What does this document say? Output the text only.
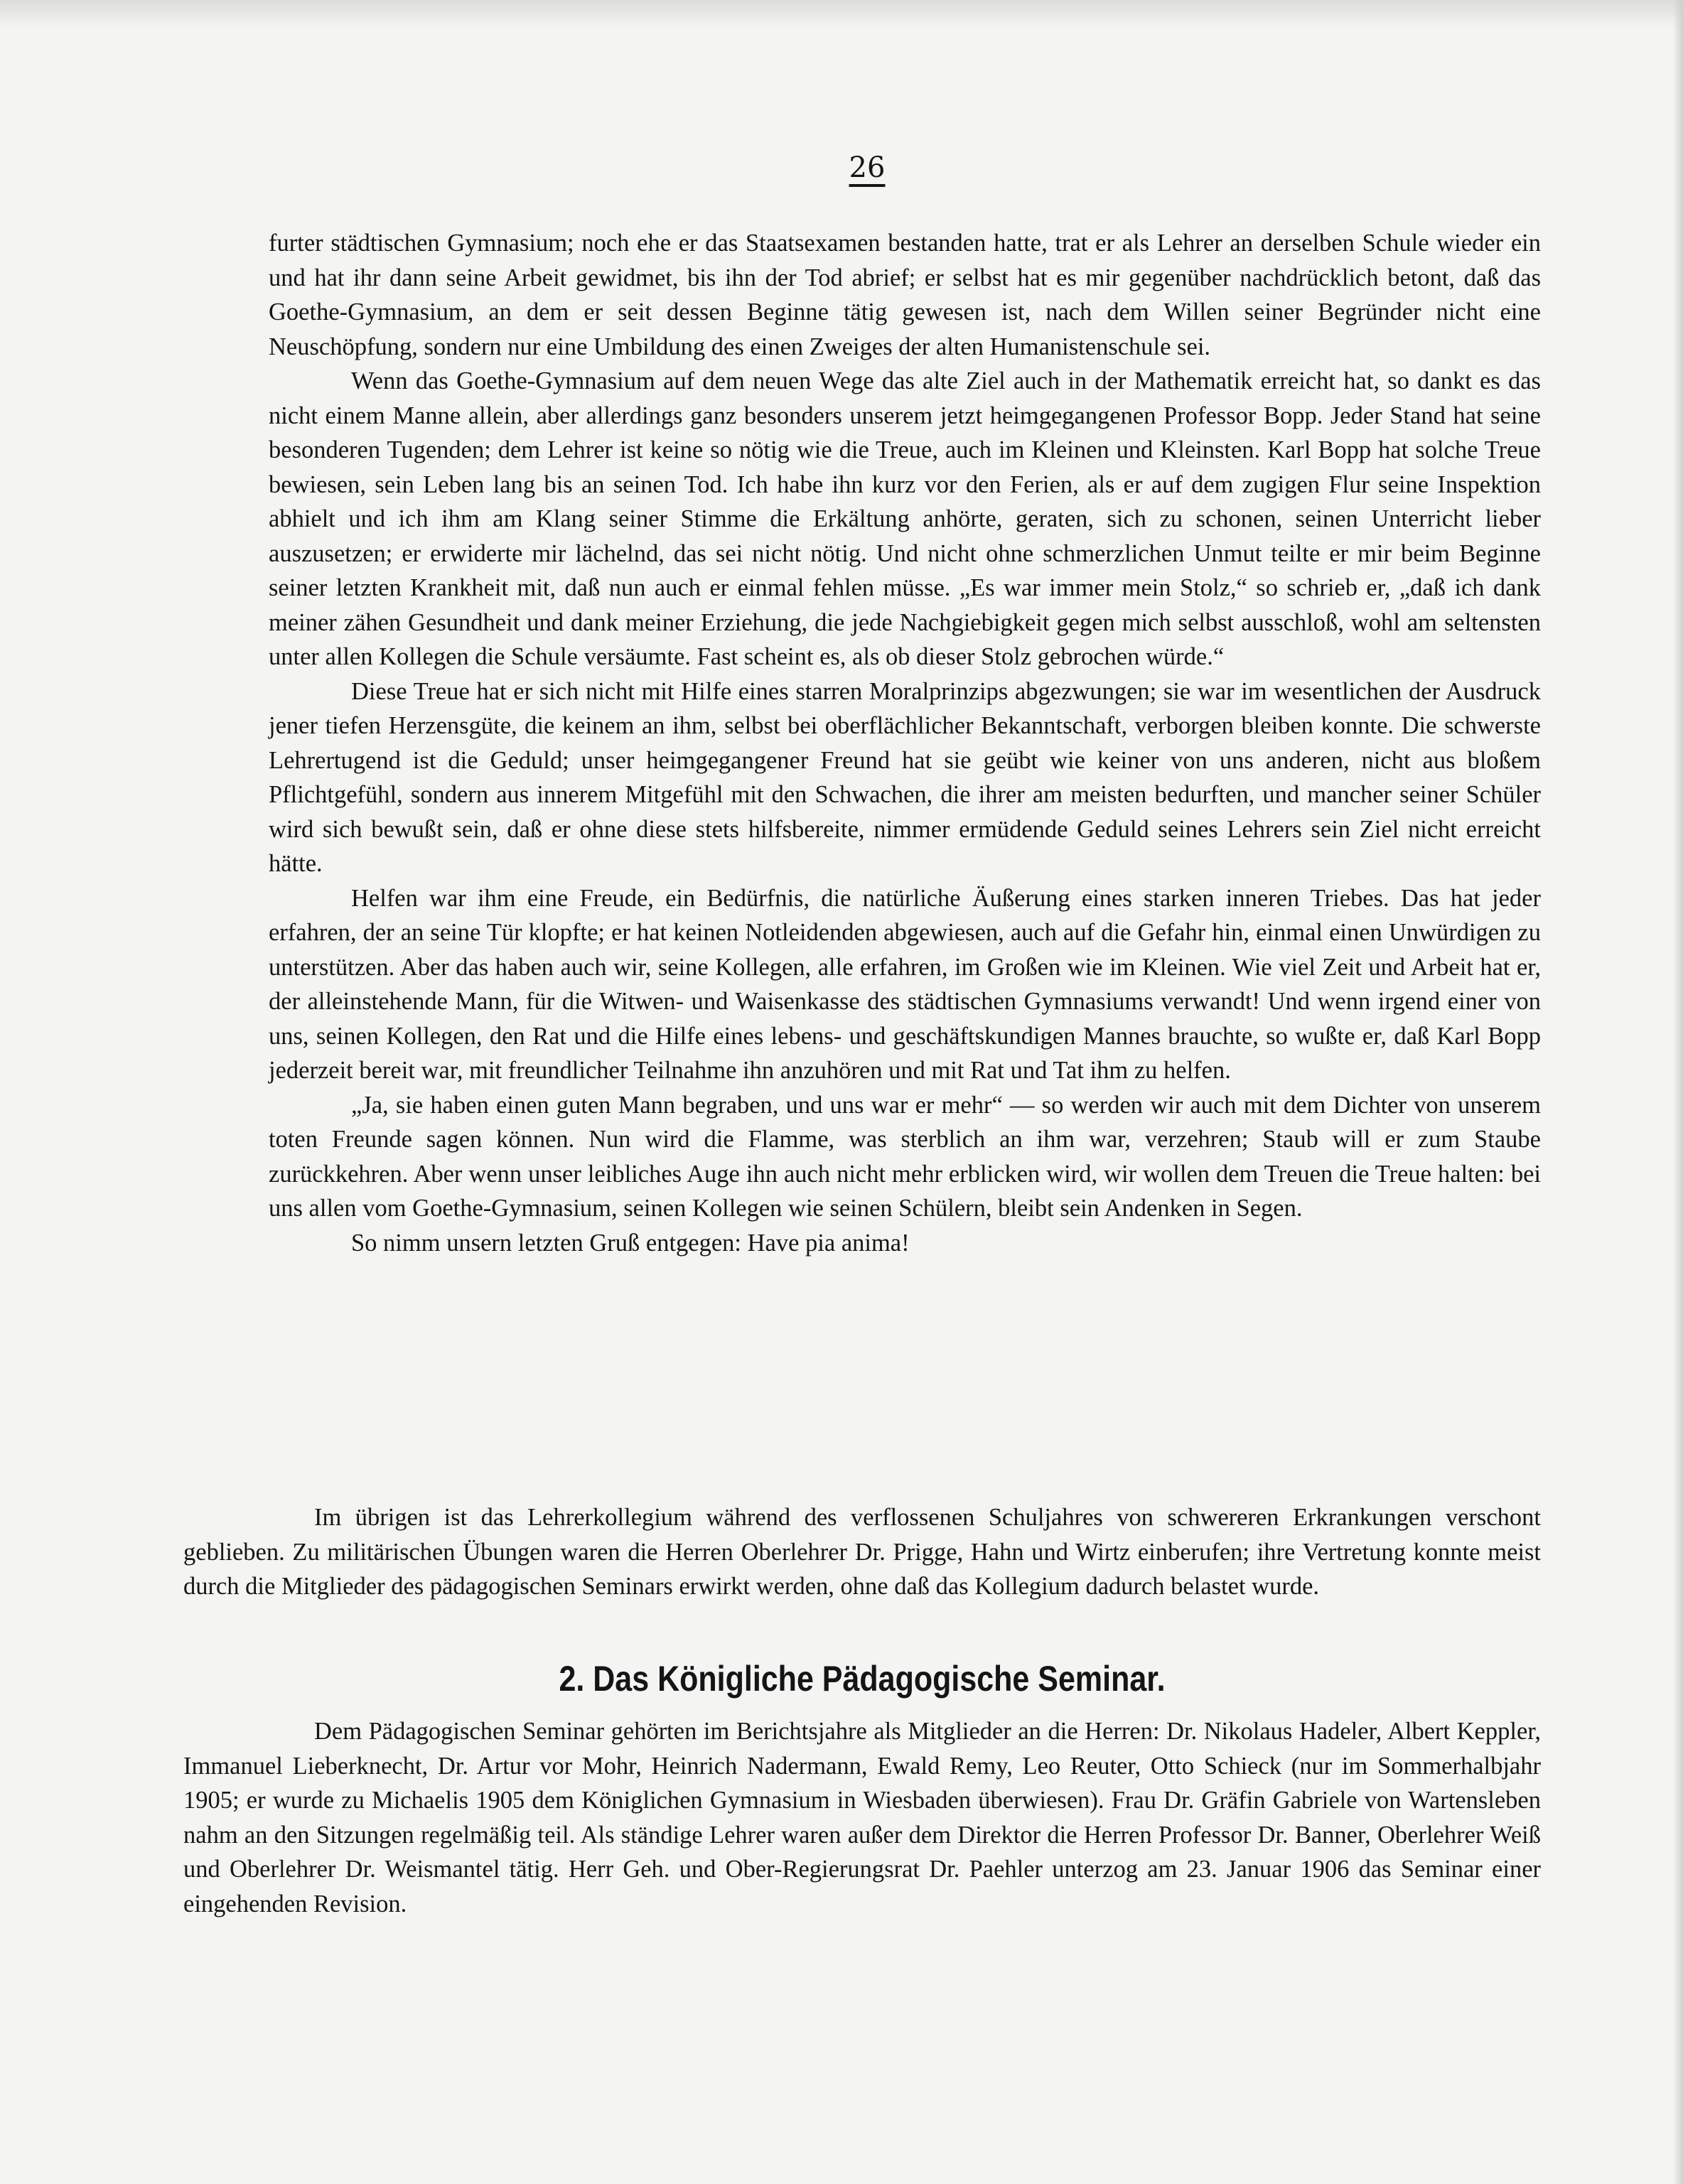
26

furter städtischen Gymnasium; noch ehe er das Staatsexamen bestanden hatte, trat er als Lehrer an derselben Schule wieder ein und hat ihr dann seine Arbeit gewidmet, bis ihn der Tod abrief; er selbst hat es mir gegenüber nachdrücklich betont, daß das Goethe-Gymnasium, an dem er seit dessen Beginne tätig gewesen ist, nach dem Willen seiner Begründer nicht eine Neuschöpfung, sondern nur eine Umbildung des einen Zweiges der alten Humanistenschule sei.

Wenn das Goethe-Gymnasium auf dem neuen Wege das alte Ziel auch in der Mathematik erreicht hat, so dankt es das nicht einem Manne allein, aber allerdings ganz besonders unserem jetzt heimgegangenen Professor Bopp. Jeder Stand hat seine besonderen Tugenden; dem Lehrer ist keine so nötig wie die Treue, auch im Kleinen und Kleinsten. Karl Bopp hat solche Treue bewiesen, sein Leben lang bis an seinen Tod. Ich habe ihn kurz vor den Ferien, als er auf dem zugigen Flur seine Inspektion abhielt und ich ihm am Klang seiner Stimme die Erkältung anhörte, geraten, sich zu schonen, seinen Unterricht lieber auszusetzen; er erwiderte mir lächelnd, das sei nicht nötig. Und nicht ohne schmerzlichen Unmut teilte er mir beim Beginne seiner letzten Krankheit mit, daß nun auch er einmal fehlen müsse. „Es war immer mein Stolz,“ so schrieb er, „daß ich dank meiner zähen Gesundheit und dank meiner Erziehung, die jede Nachgiebigkeit gegen mich selbst ausschloß, wohl am seltensten unter allen Kollegen die Schule versäumte. Fast scheint es, als ob dieser Stolz gebrochen würde.“

Diese Treue hat er sich nicht mit Hilfe eines starren Moralprinzips abgezwungen; sie war im wesentlichen der Ausdruck jener tiefen Herzensgüte, die keinem an ihm, selbst bei oberflächlicher Bekanntschaft, verborgen bleiben konnte. Die schwerste Lehrertugend ist die Geduld; unser heimgegangener Freund hat sie geübt wie keiner von uns anderen, nicht aus bloßem Pflichtgefühl, sondern aus innerem Mitgefühl mit den Schwachen, die ihrer am meisten bedurften, und mancher seiner Schüler wird sich bewußt sein, daß er ohne diese stets hilfsbereite, nimmer ermüdende Geduld seines Lehrers sein Ziel nicht erreicht hätte.

Helfen war ihm eine Freude, ein Bedürfnis, die natürliche Äußerung eines starken inneren Triebes. Das hat jeder erfahren, der an seine Tür klopfte; er hat keinen Notleidenden abgewiesen, auch auf die Gefahr hin, einmal einen Unwürdigen zu unterstützen. Aber das haben auch wir, seine Kollegen, alle erfahren, im Großen wie im Kleinen. Wie viel Zeit und Arbeit hat er, der alleinstehende Mann, für die Witwen- und Waisenkasse des städtischen Gymnasiums verwandt! Und wenn irgend einer von uns, seinen Kollegen, den Rat und die Hilfe eines lebens- und geschäftskundigen Mannes brauchte, so wußte er, daß Karl Bopp jederzeit bereit war, mit freundlicher Teilnahme ihn anzuhören und mit Rat und Tat ihm zu helfen.

„Ja, sie haben einen guten Mann begraben, und uns war er mehr“ — so werden wir auch mit dem Dichter von unserem toten Freunde sagen können. Nun wird die Flamme, was sterblich an ihm war, verzehren; Staub will er zum Staube zurückkehren. Aber wenn unser leibliches Auge ihn auch nicht mehr erblicken wird, wir wollen dem Treuen die Treue halten: bei uns allen vom Goethe-Gymnasium, seinen Kollegen wie seinen Schülern, bleibt sein Andenken in Segen.

So nimm unsern letzten Gruß entgegen: Have pia anima!

Im übrigen ist das Lehrerkollegium während des verflossenen Schuljahres von schwereren Erkrankungen verschont geblieben. Zu militärischen Übungen waren die Herren Oberlehrer Dr. Prigge, Hahn und Wirtz einberufen; ihre Vertretung konnte meist durch die Mitglieder des pädagogischen Seminars erwirkt werden, ohne daß das Kollegium dadurch belastet wurde.

2. Das Königliche Pädagogische Seminar.

Dem Pädagogischen Seminar gehörten im Berichtsjahre als Mitglieder an die Herren: Dr. Nikolaus Hadeler, Albert Keppler, Immanuel Lieberknecht, Dr. Artur vor Mohr, Heinrich Nadermann, Ewald Remy, Leo Reuter, Otto Schieck (nur im Sommerhalbjahr 1905; er wurde zu Michaelis 1905 dem Königlichen Gymnasium in Wiesbaden überwiesen). Frau Dr. Gräfin Gabriele von Wartensleben nahm an den Sitzungen regelmäßig teil. Als ständige Lehrer waren außer dem Direktor die Herren Professor Dr. Banner, Oberlehrer Weiß und Oberlehrer Dr. Weismantel tätig. Herr Geh. und Ober-Regierungsrat Dr. Paehler unterzog am 23. Januar 1906 das Seminar einer eingehenden Revision.
